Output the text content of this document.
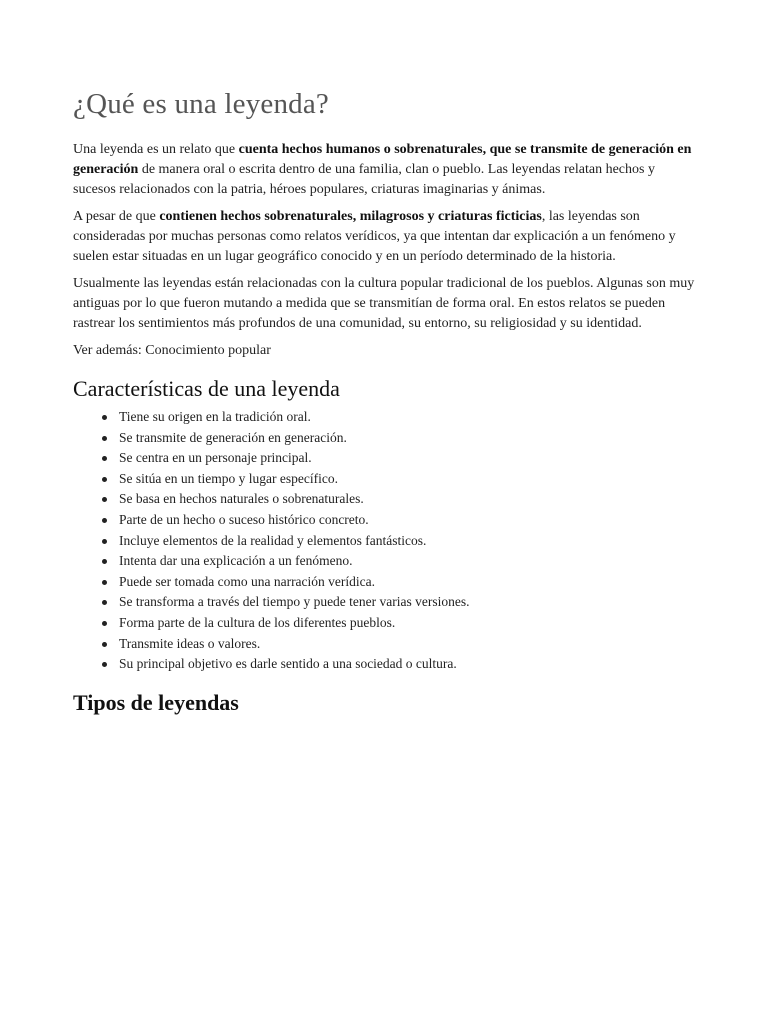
¿Qué es una leyenda?

Una leyenda es un relato que cuenta hechos humanos o sobrenaturales, que se transmite de generación en generación de manera oral o escrita dentro de una familia, clan o pueblo. Las leyendas relatan hechos y sucesos relacionados con la patria, héroes populares, criaturas imaginarias y ánimas.

A pesar de que contienen hechos sobrenaturales, milagrosos y criaturas ficticias, las leyendas son consideradas por muchas personas como relatos verídicos, ya que intentan dar explicación a un fenómeno y suelen estar situadas en un lugar geográfico conocido y en un período determinado de la historia.

Usualmente las leyendas están relacionadas con la cultura popular tradicional de los pueblos. Algunas son muy antiguas por lo que fueron mutando a medida que se transmitían de forma oral. En estos relatos se pueden rastrear los sentimientos más profundos de una comunidad, su entorno, su religiosidad y su identidad.

Ver además: Conocimiento popular

Características de una leyenda
Tiene su origen en la tradición oral.
Se transmite de generación en generación.
Se centra en un personaje principal.
Se sitúa en un tiempo y lugar específico.
Se basa en hechos naturales o sobrenaturales.
Parte de un hecho o suceso histórico concreto.
Incluye elementos de la realidad y elementos fantásticos.
Intenta dar una explicación a un fenómeno.
Puede ser tomada como una narración verídica.
Se transforma a través del tiempo y puede tener varias versiones.
Forma parte de la cultura de los diferentes pueblos.
Transmite ideas o valores.
Su principal objetivo es darle sentido a una sociedad o cultura.
Tipos de leyendas
